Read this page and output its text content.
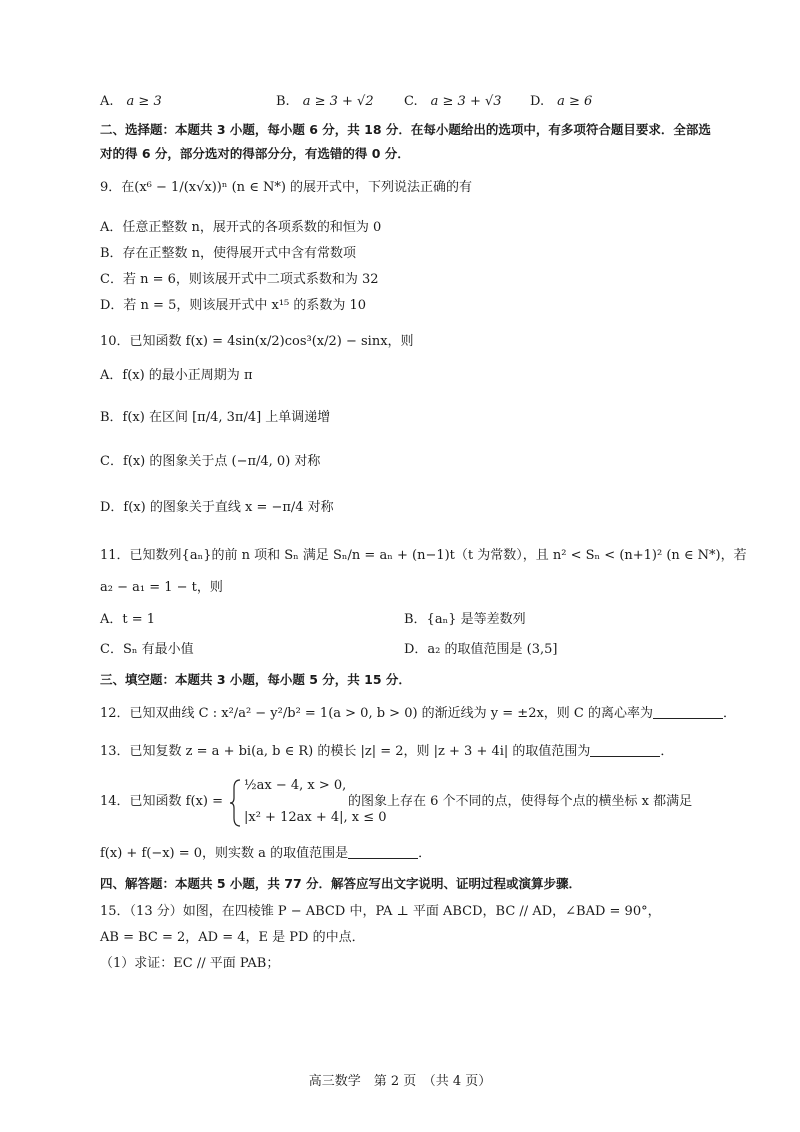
A.　 a ≥ 3	B.　 a ≥ 3 + √2 C.　 a ≥ 3 + √3 D.　 a ≥ 6
二、选择题：本题共 3 小题，每小题 6 分，共 18 分．在每小题给出的选项中，有多项符合题目要求．全部选
对的得 6 分，部分选对的得部分分，有选错的得 0 分．
9．在(x⁶ − 1/(x√x))ⁿ (n ∈ N*) 的展开式中，下列说法正确的有
A．任意正整数 n，展开式的各项系数的和恒为 0
B．存在正整数 n，使得展开式中含有常数项
C．若 n = 6，则该展开式中二项式系数和为 32
D．若 n = 5，则该展开式中 x¹⁵ 的系数为 10
10．已知函数 f(x) = 4sin(x/2)cos³(x/2) − sinx，则
A．f(x) 的最小正周期为 π
B．f(x) 在区间 [π/4, 3π/4] 上单调递增
C．f(x) 的图象关于点 (−π/4, 0) 对称
D．f(x) 的图象关于直线 x = −π/4 对称
11．已知数列{aₙ}的前 n 项和 Sₙ 满足 Sₙ/n = aₙ + (n−1)t（t 为常数），且 n² < Sₙ < (n+1)² (n ∈ N*)，若
a₂ − a₁ = 1 − t，则
A．t = 1	B．{aₙ} 是等差数列
C．Sₙ 有最小值	D．a₂ 的取值范围是 (3,5]
三、填空题：本题共 3 小题，每小题 5 分，共 15 分．
12．已知双曲线 C : x²/a² − y²/b² = 1(a > 0, b > 0) 的渐近线为 y = ±2x，则 C 的离心率为	．
13．已知复数 z = a + bi(a, b ∈ R) 的模长 |z| = 2，则 |z + 3 + 4i| 的取值范围为	．
14．已知函数 f(x) =
½ax − 4, x > 0,
|x² + 12ax + 4|, x ≤ 0
的图象上存在 6 个不同的点，使得每个点的横坐标 x 都满足
f(x) + f(−x) = 0，则实数 a 的取值范围是	．
四、解答题：本题共 5 小题，共 77 分．解答应写出文字说明、证明过程或演算步骤．
15．（13 分）如图，在四棱锥 P − ABCD 中，PA ⊥ 平面 ABCD，BC // AD，∠BAD = 90°，
AB = BC = 2，AD = 4，E 是 PD 的中点．
（1）求证：EC // 平面 PAB；
高三数学　第 2 页　（共 4 页）
